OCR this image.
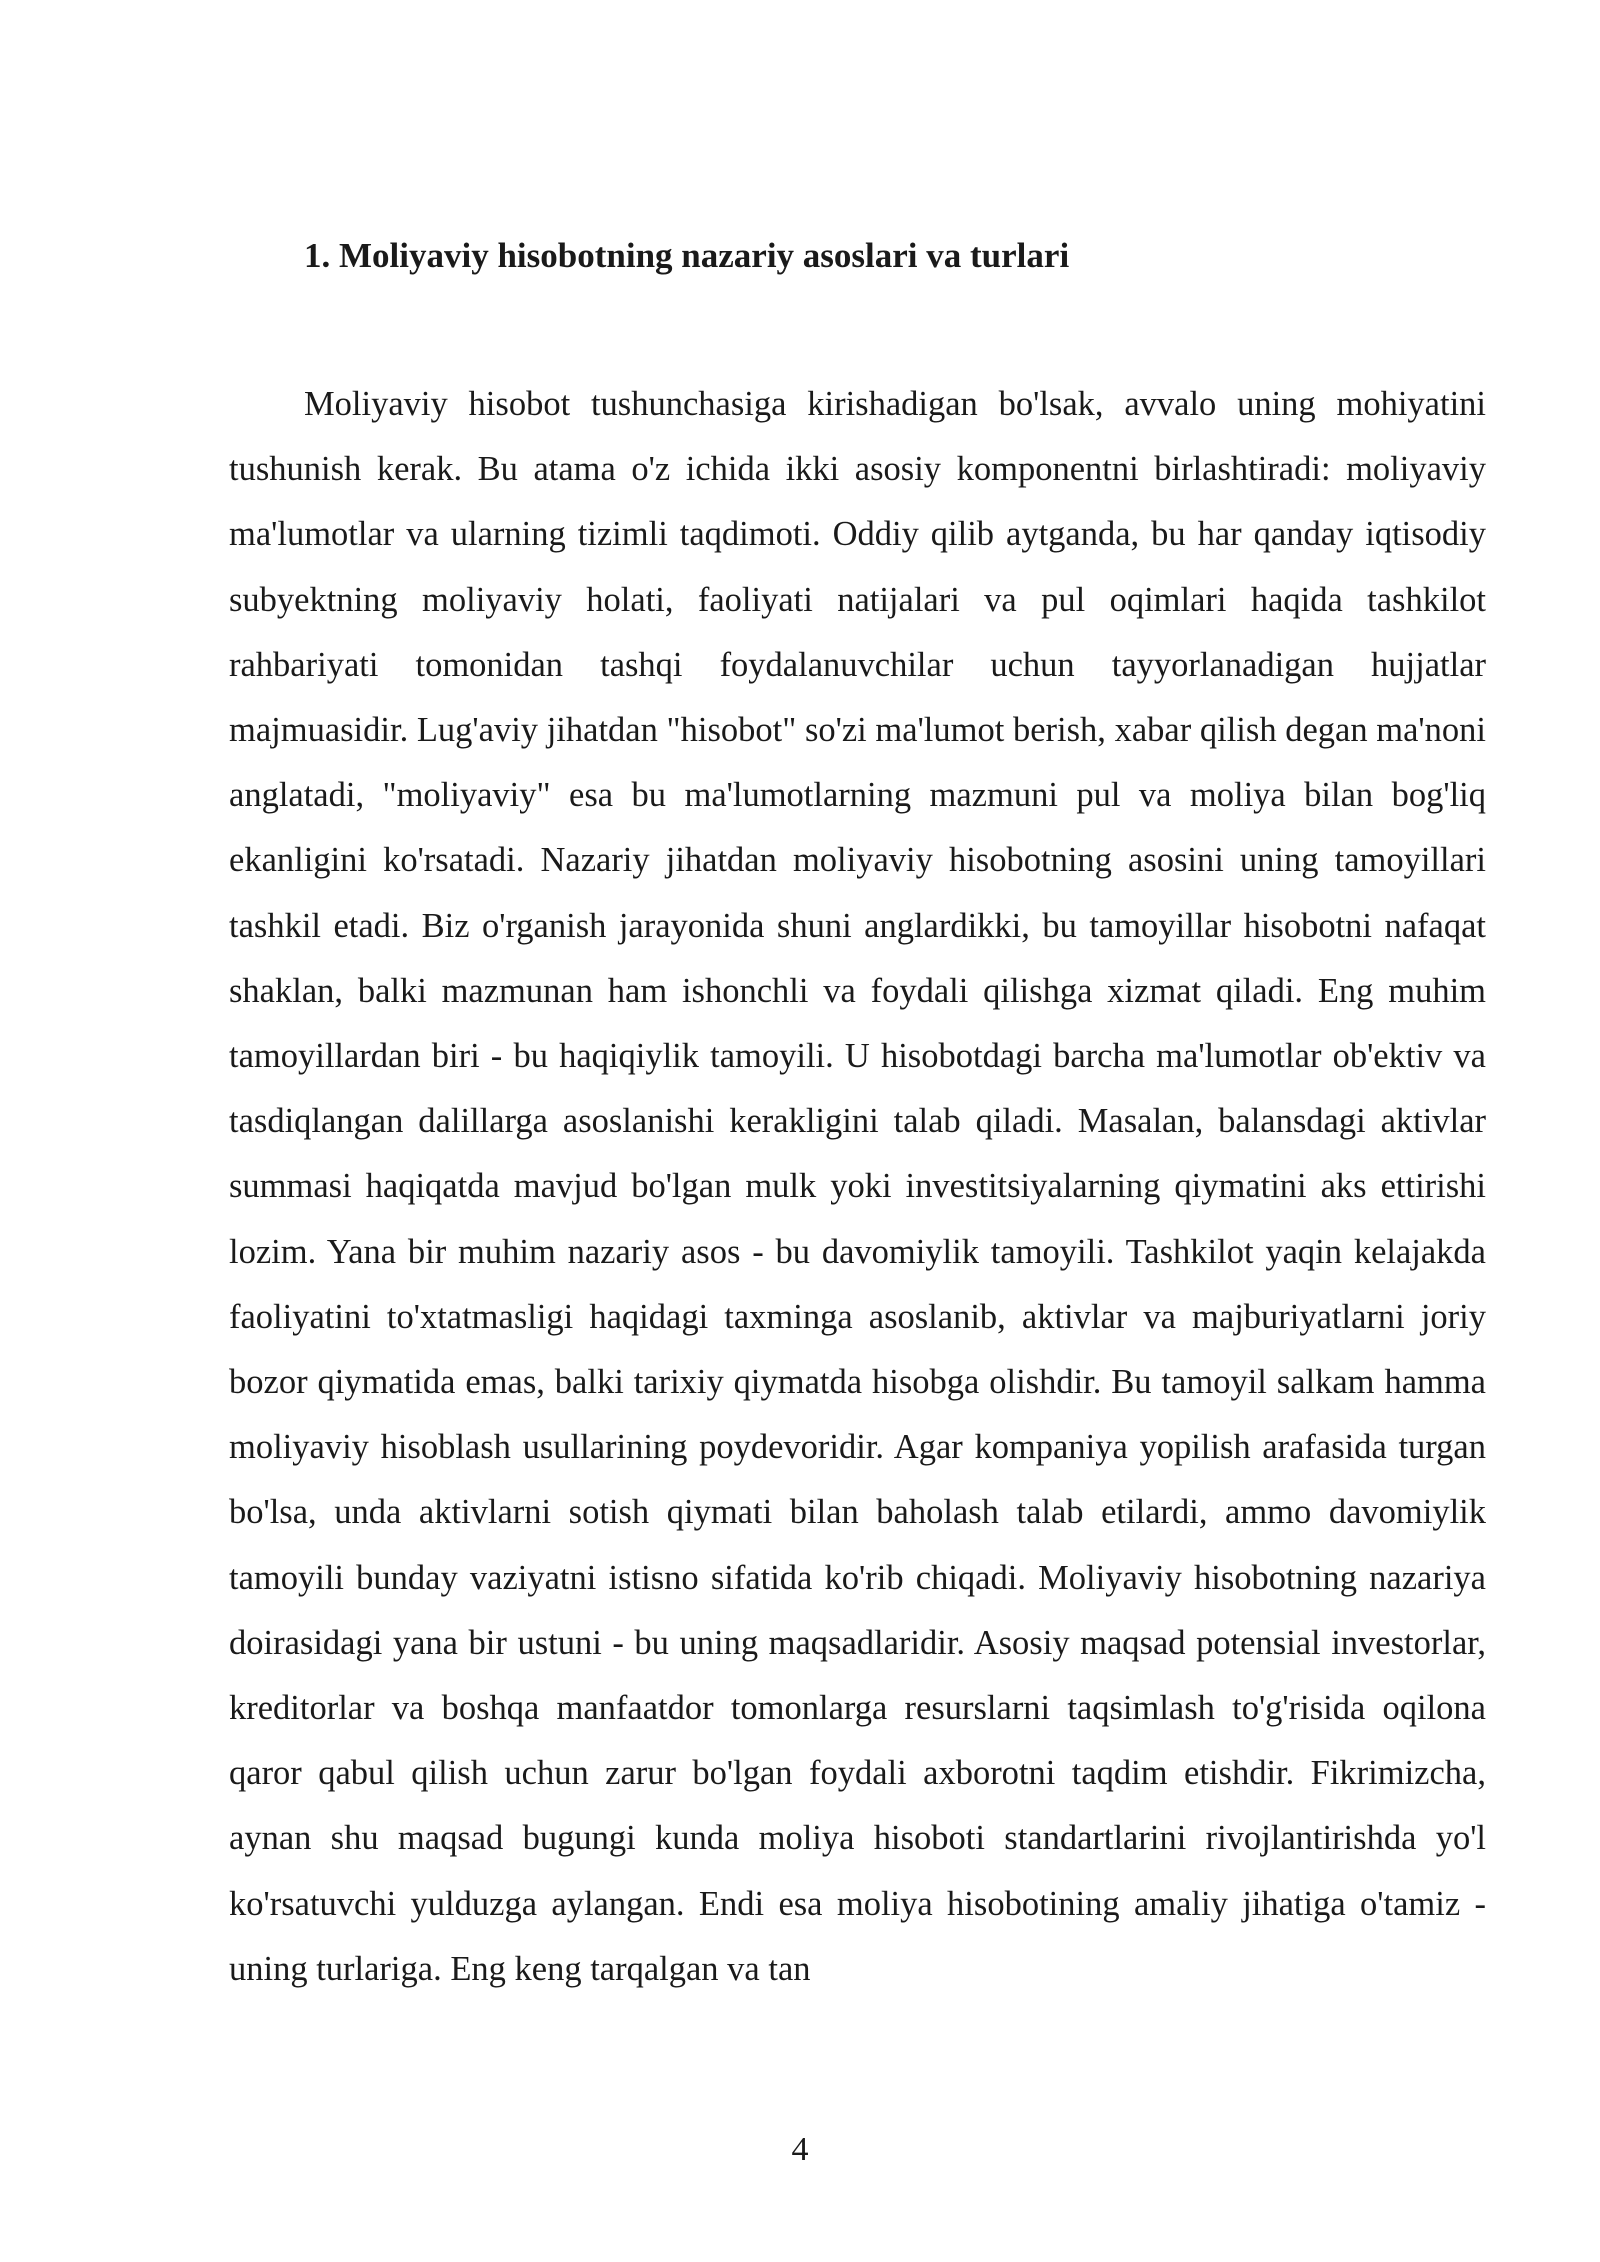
1. Moliyaviy hisobotning nazariy asoslari va turlari

Moliyaviy hisobot tushunchasiga kirishadigan bo'lsak, avvalo uning mohiyatini tushunish kerak. Bu atama o'z ichida ikki asosiy komponentni birlashtiradi: moliyaviy ma'lumotlar va ularning tizimli taqdimoti. Oddiy qilib aytganda, bu har qanday iqtisodiy subyektning moliyaviy holati, faoliyati natijalari va pul oqimlari haqida tashkilot rahbariyati tomonidan tashqi foydalanuvchilar uchun tayyorlanadigan hujjatlar majmuasidir. Lug'aviy jihatdan "hisobot" so'zi ma'lumot berish, xabar qilish degan ma'noni anglatadi, "moliyaviy" esa bu ma'lumotlarning mazmuni pul va moliya bilan bog'liq ekanligini ko'rsatadi. Nazariy jihatdan moliyaviy hisobotning asosini uning tamoyillari tashkil etadi. Biz o'rganish jarayonida shuni anglardikki, bu tamoyillar hisobotni nafaqat shaklan, balki mazmunan ham ishonchli va foydali qilishga xizmat qiladi. Eng muhim tamoyillardan biri - bu haqiqiylik tamoyili. U hisobotdagi barcha ma'lumotlar ob'ektiv va tasdiqlangan dalillarga asoslanishi kerakligini talab qiladi. Masalan, balansdagi aktivlar summasi haqiqatda mavjud bo'lgan mulk yoki investitsiyalarning qiymatini aks ettirishi lozim. Yana bir muhim nazariy asos - bu davomiylik tamoyili. Tashkilot yaqin kelajakda faoliyatini to'xtatmasligi haqidagi taxminga asoslanib, aktivlar va majburiyatlarni joriy bozor qiymatida emas, balki tarixiy qiymatda hisobga olishdir. Bu tamoyil salkam hamma moliyaviy hisoblash usullarining poydevoridir. Agar kompaniya yopilish arafasida turgan bo'lsa, unda aktivlarni sotish qiymati bilan baholash talab etilardi, ammo davomiylik tamoyili bunday vaziyatni istisno sifatida ko'rib chiqadi. Moliyaviy hisobotning nazariya doirasidagi yana bir ustuni - bu uning maqsadlaridir. Asosiy maqsad potensial investorlar, kreditorlar va boshqa manfaatdor tomonlarga resurslarni taqsimlash to'g'risida oqilona qaror qabul qilish uchun zarur bo'lgan foydali axborotni taqdim etishdir. Fikrimizcha, aynan shu maqsad bugungi kunda moliya hisoboti standartlarini rivojlantirishda yo'l ko'rsatuvchi yulduzga aylangan. Endi esa moliya hisobotining amaliy jihatiga o'tamiz - uning turlariga. Eng keng tarqalgan va tan

4
